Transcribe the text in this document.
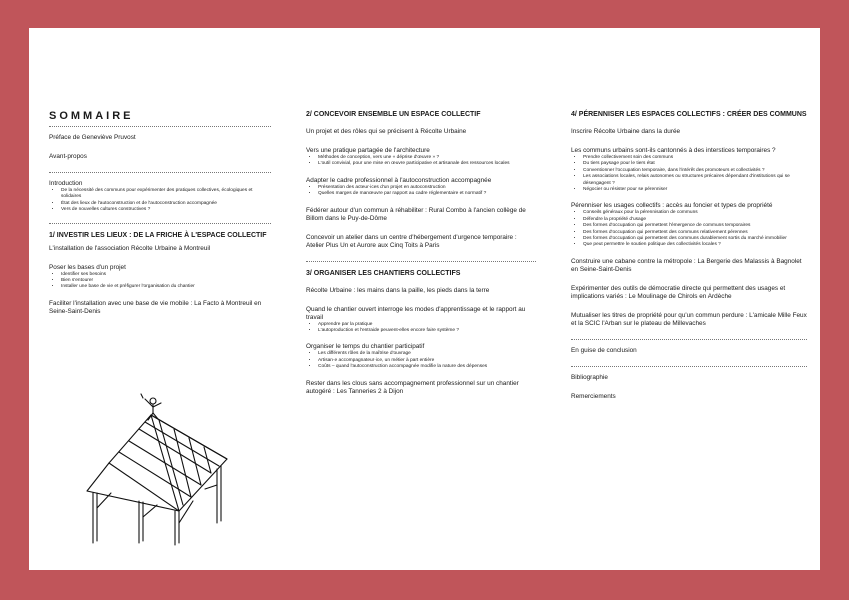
SOMMAIRE

Préface de Geneviève Pruvost

Avant-propos

Introduction

• De la nécessité des communs pour expérimenter des pratiques collectives, écologiques et solidaires
• État des lieux de l'autoconstruction et de l'autoconstruction accompagnée
• Vers de nouvelles cultures constructives ?

1/ INVESTIR LES LIEUX : DE LA FRICHE À L'ESPACE COLLECTIF

L'installation de l'association Récolte Urbaine à Montreuil

Poser les bases d'un projet

• Identifier ses besoins
• Bien s'entourer
• Installer une base de vie et préfigurer l'organisation du chantier

Faciliter l'installation avec une base de vie mobile : La Facto à Montreuil en Seine-Saint-Denis

2/ CONCEVOIR ENSEMBLE UN ESPACE COLLECTIF

Un projet et des rôles qui se précisent à Récolte Urbaine

Vers une pratique partagée de l'architecture

• Méthodes de conception, vers une « déprise d'œuvre » ?
• L'outil convivial, pour une mise en œuvre participative et artisanale des ressources locales

Adapter le cadre professionnel à l'autoconstruction accompagnée

• Présentation des acteur·ices d'un projet en autoconstruction
• Quelles marges de manœuvre par rapport au cadre réglementaire et normatif ?

Fédérer autour d'un commun à réhabiliter : Rural Combo à l'ancien collège de Billom dans le Puy-de-Dôme

Concevoir un atelier dans un centre d'hébergement d'urgence temporaire : Atelier Plus Un et Aurore aux Cinq Toits à Paris

3/ ORGANISER LES CHANTIERS COLLECTIFS

Récolte Urbaine : les mains dans la paille, les pieds dans la terre

Quand le chantier ouvert interroge les modes d'apprentissage et le rapport au travail

• Apprendre par la pratique
• L'autoproduction et l'entraide peuvent-elles encore faire système ?

Organiser le temps du chantier participatif

• Les différents rôles de la maîtrise d'ouvrage
• Artisan·e accompagnateur·ice, un métier à part entière
• Coûts – quand l'autoconstruction accompagnée modifie la nature des dépenses

Rester dans les clous sans accompagnement professionnel sur un chantier autogéré : Les Tanneries 2 à Dijon

4/ PÉRENNISER LES ESPACES COLLECTIFS : CRÉER DES COMMUNS

Inscrire Récolte Urbaine dans la durée

Les communs urbains sont-ils cantonnés à des interstices temporaires ?

• Prendre collectivement soin des communs
• Du tiers paysage pour le tiers état
• Conventionner l'occupation temporaire, dans l'intérêt des promoteurs et collectivités ?
• Les associations locales, relais autonomes ou structures précaires dépendant d'institutions qui se désengagent ?
• Négocier ou résister pour se pérenniser

Pérenniser les usages collectifs : accès au foncier et types de propriété

• Conseils généraux pour la pérennisation de communs
• Défendre la propriété d'usage
• Des formes d'occupation qui permettent l'émergence de communs temporaires
• Des formes d'occupation qui permettent des communs relativement pérennes
• Des formes d'occupation qui permettent des communs durablement sortis du marché immobilier
• Que peut permettre le soutien politique des collectivités locales ?

Construire une cabane contre la métropole : La Bergerie des Malassis à Bagnolet en Seine-Saint-Denis

Expérimenter des outils de démocratie directe qui permettent des usages et implications variés : Le Moulinage de Chirols en Ardèche

Mutualiser les titres de propriété pour qu'un commun perdure : L'amicale Mille Feux et la SCIC l'Arban sur le plateau de Millevaches

En guise de conclusion

Bibliographie

Remerciements
